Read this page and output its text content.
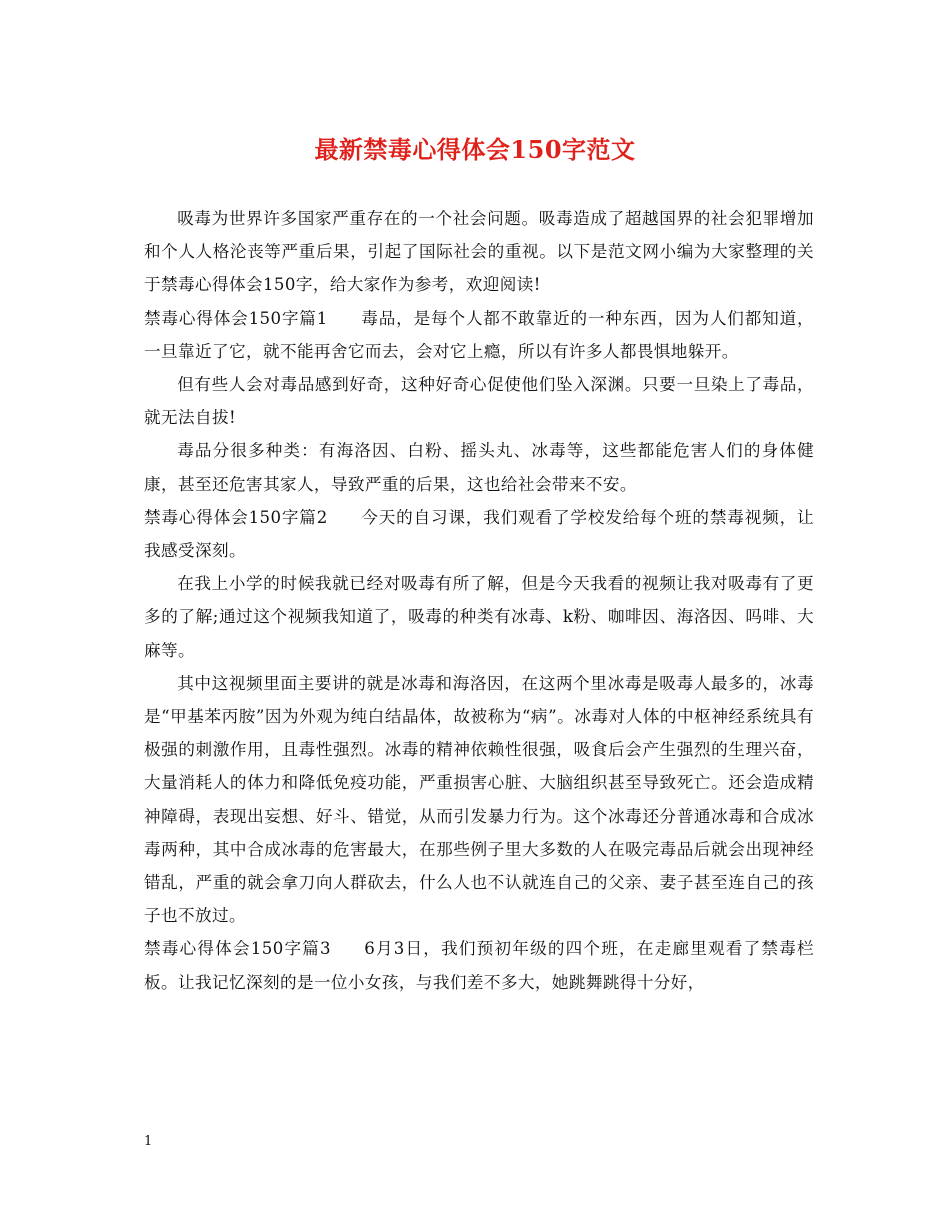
最新禁毒心得体会150字范文

吸毒为世界许多国家严重存在的一个社会问题。吸毒造成了超越国界的社会犯罪增加和个人人格沦丧等严重后果，引起了国际社会的重视。以下是范文网小编为大家整理的关于禁毒心得体会150字，给大家作为参考，欢迎阅读!

禁毒心得体会150字篇1 毒品，是每个人都不敢靠近的一种东西，因为人们都知道，一旦靠近了它，就不能再舍它而去，会对它上瘾，所以有许多人都畏惧地躲开。

但有些人会对毒品感到好奇，这种好奇心促使他们坠入深渊。只要一旦染上了毒品，就无法自拔!

毒品分很多种类：有海洛因、白粉、摇头丸、冰毒等，这些都能危害人们的身体健康，甚至还危害其家人，导致严重的后果，这也给社会带来不安。

禁毒心得体会150字篇2 今天的自习课，我们观看了学校发给每个班的禁毒视频，让我感受深刻。

在我上小学的时候我就已经对吸毒有所了解，但是今天我看的视频让我对吸毒有了更多的了解;通过这个视频我知道了，吸毒的种类有冰毒、k粉、咖啡因、海洛因、吗啡、大麻等。

其中这视频里面主要讲的就是冰毒和海洛因，在这两个里冰毒是吸毒人最多的，冰毒是“甲基苯丙胺”因为外观为纯白结晶体，故被称为“病”。冰毒对人体的中枢神经系统具有极强的刺激作用，且毒性强烈。冰毒的精神依赖性很强，吸食后会产生强烈的生理兴奋，大量消耗人的体力和降低免疫功能，严重损害心脏、大脑组织甚至导致死亡。还会造成精神障碍，表现出妄想、好斗、错觉，从而引发暴力行为。这个冰毒还分普通冰毒和合成冰毒两种，其中合成冰毒的危害最大，在那些例子里大多数的人在吸完毒品后就会出现神经错乱，严重的就会拿刀向人群砍去，什么人也不认就连自己的父亲、妻子甚至连自己的孩子也不放过。

禁毒心得体会150字篇3 6月3日，我们预初年级的四个班，在走廊里观看了禁毒栏板。让我记忆深刻的是一位小女孩，与我们差不多大，她跳舞跳得十分好，

1
